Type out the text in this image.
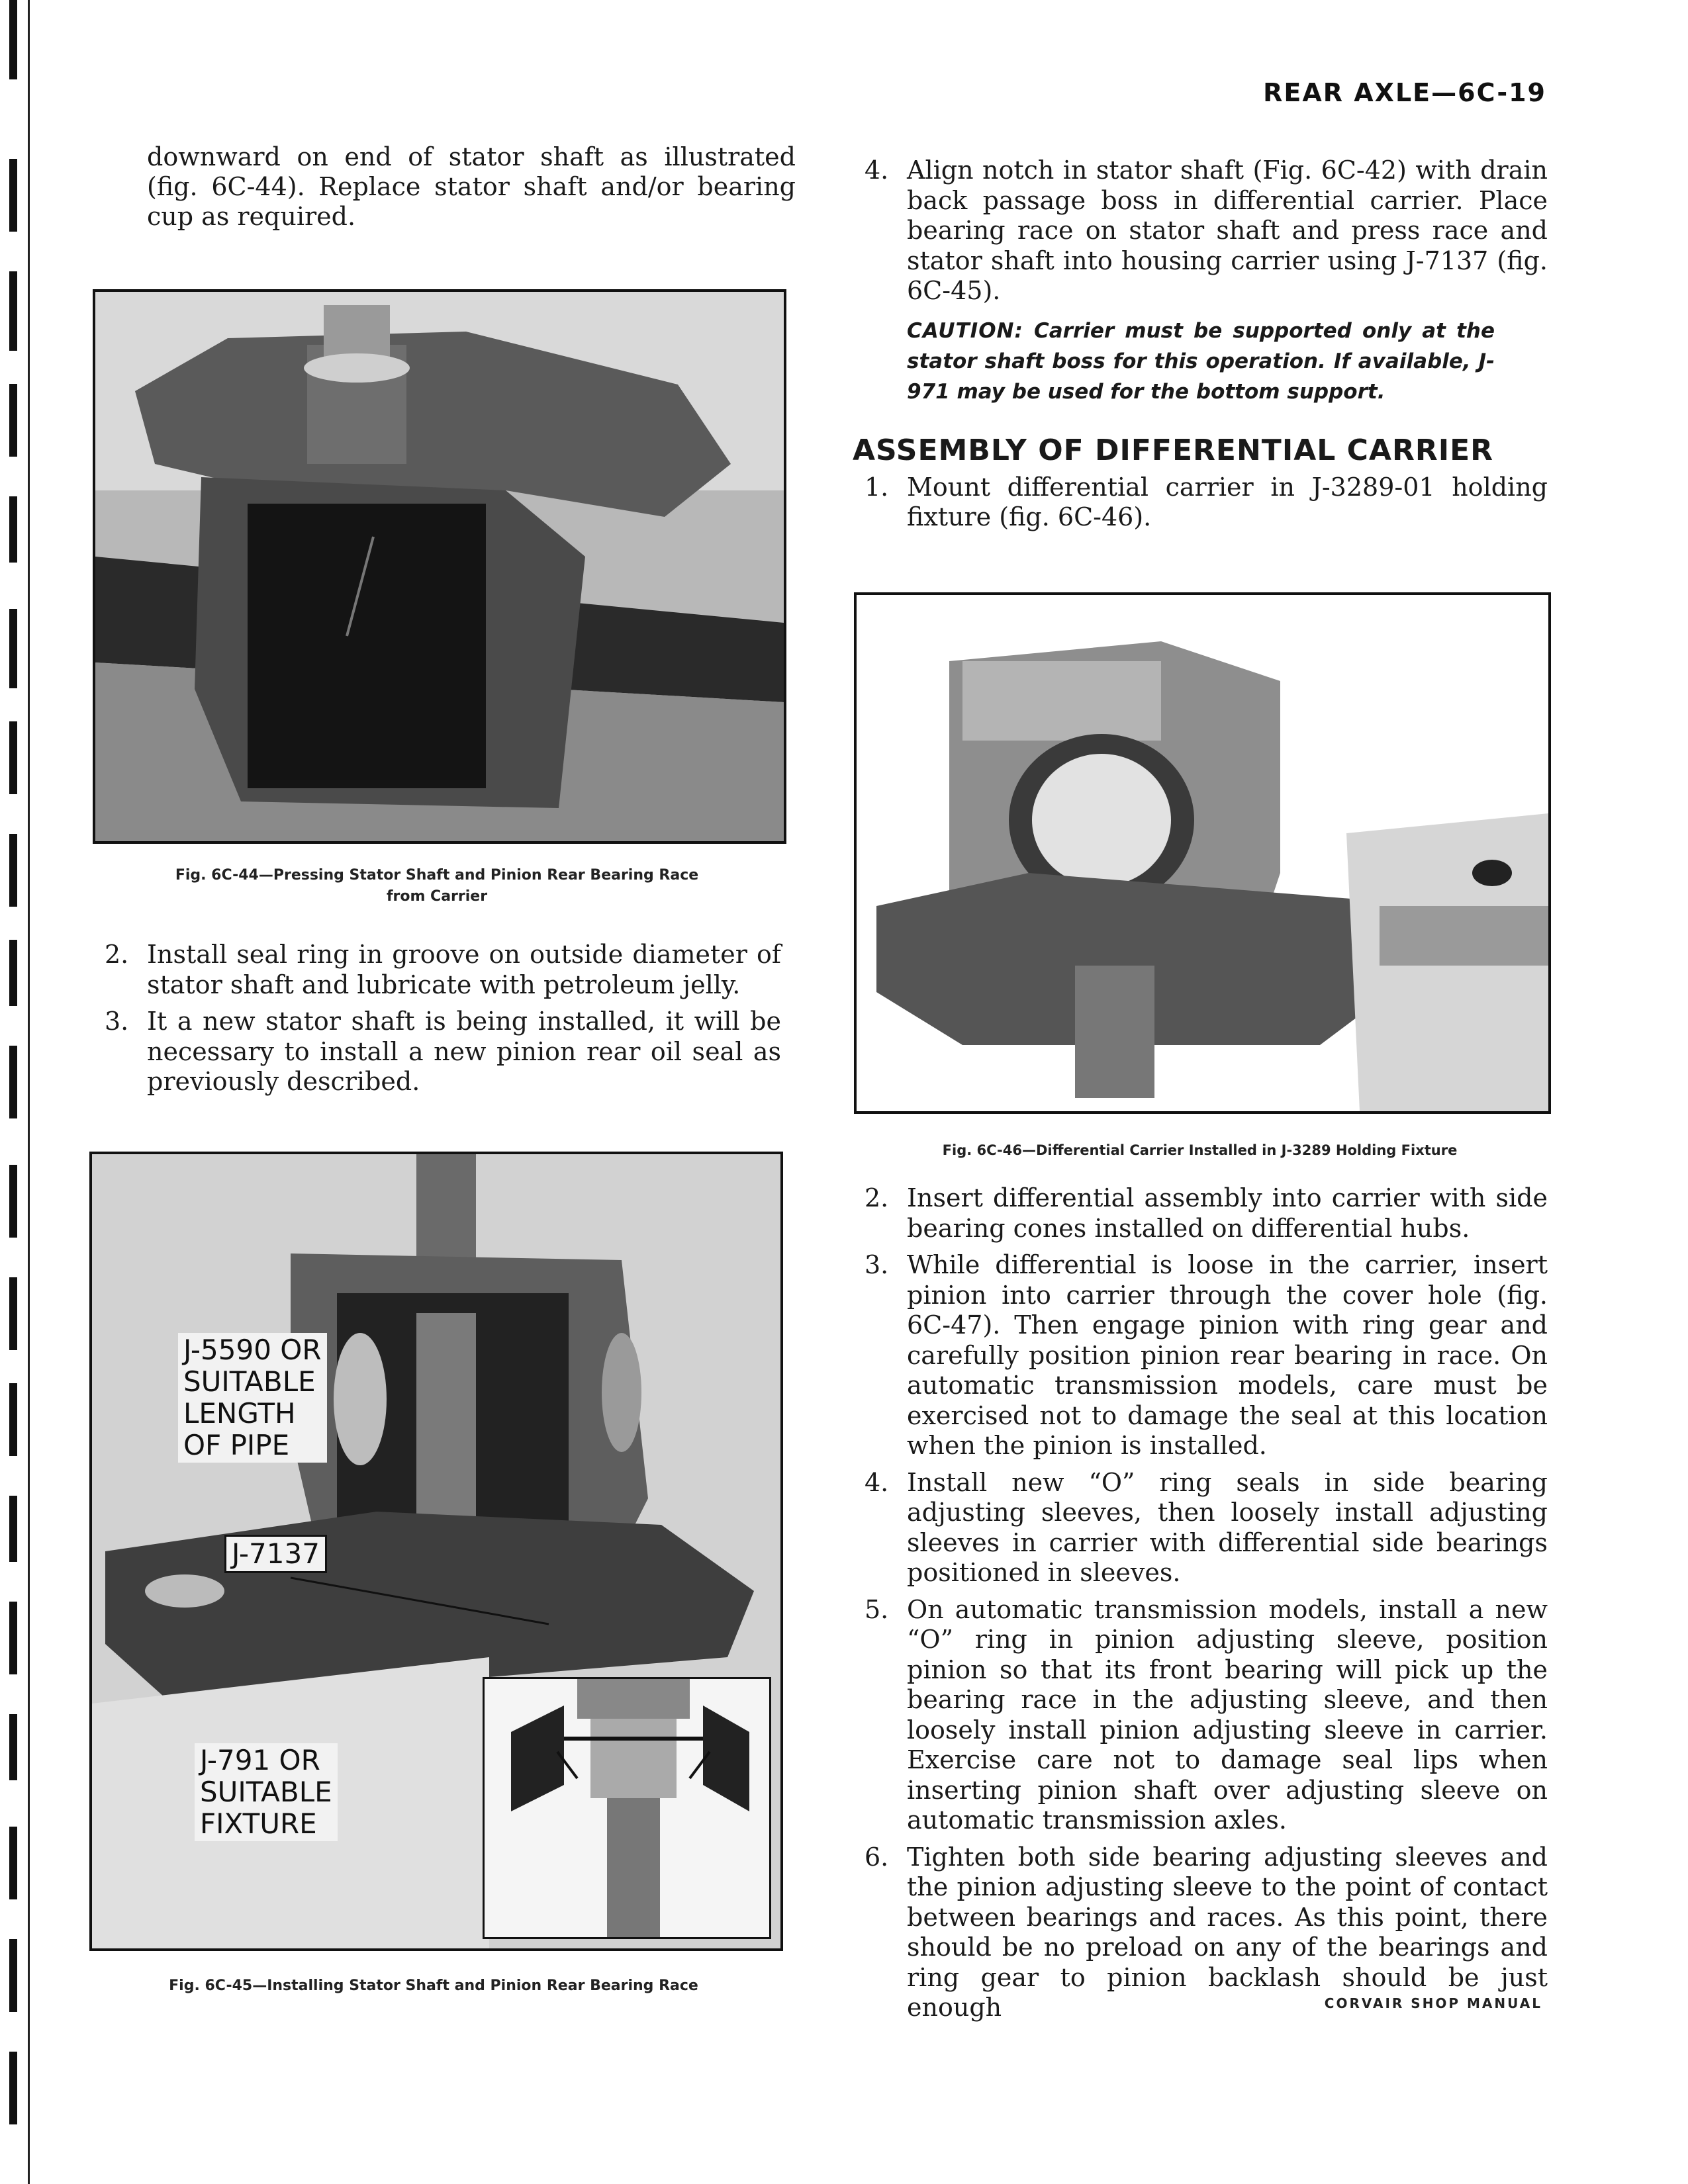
REAR AXLE—6C-19

downward on end of stator shaft as illustrated (fig. 6C-44). Replace stator shaft and/or bearing cup as required.

Fig. 6C-44—Pressing Stator Shaft and Pinion Rear Bearing Race
from Carrier
2. Install seal ring in groove on outside diameter of stator shaft and lubricate with petroleum jelly.
3. It a new stator shaft is being installed, it will be necessary to install a new pinion rear oil seal as previously described.
J-5590 OR
SUITABLE
LENGTH
OF PIPE
J-7137
J-791 OR
SUITABLE
FIXTURE
Fig. 6C-45—Installing Stator Shaft and Pinion Rear Bearing Race
4. Align notch in stator shaft (Fig. 6C-42) with drain back passage boss in differential carrier. Place bearing race on stator shaft and press race and stator shaft into housing carrier using J-7137 (fig. 6C-45).
CAUTION: Carrier must be supported only at the stator shaft boss for this operation. If available, J-971 may be used for the bottom support.
ASSEMBLY OF DIFFERENTIAL CARRIER
1. Mount differential carrier in J-3289-01 holding fixture (fig. 6C-46).
Fig. 6C-46—Differential Carrier Installed in J-3289 Holding Fixture
2. Insert differential assembly into carrier with side bearing cones installed on differential hubs.
3. While differential is loose in the carrier, insert pinion into carrier through the cover hole (fig. 6C-47). Then engage pinion with ring gear and carefully position pinion rear bearing in race. On automatic transmission models, care must be exercised not to damage the seal at this location when the pinion is installed.
4. Install new “O” ring seals in side bearing adjusting sleeves, then loosely install adjusting sleeves in carrier with differential side bearings positioned in sleeves.
5. On automatic transmission models, install a new “O” ring in pinion adjusting sleeve, position pinion so that its front bearing will pick up the bearing race in the adjusting sleeve, and then loosely install pinion adjusting sleeve in carrier. Exercise care not to damage seal lips when inserting pinion shaft over adjusting sleeve on automatic transmission axles.
6. Tighten both side bearing adjusting sleeves and the pinion adjusting sleeve to the point of contact between bearings and races. As this point, there should be no preload on any of the bearings and ring gear to pinion backlash should be just enough	CORVAIR SHOP MANUAL
